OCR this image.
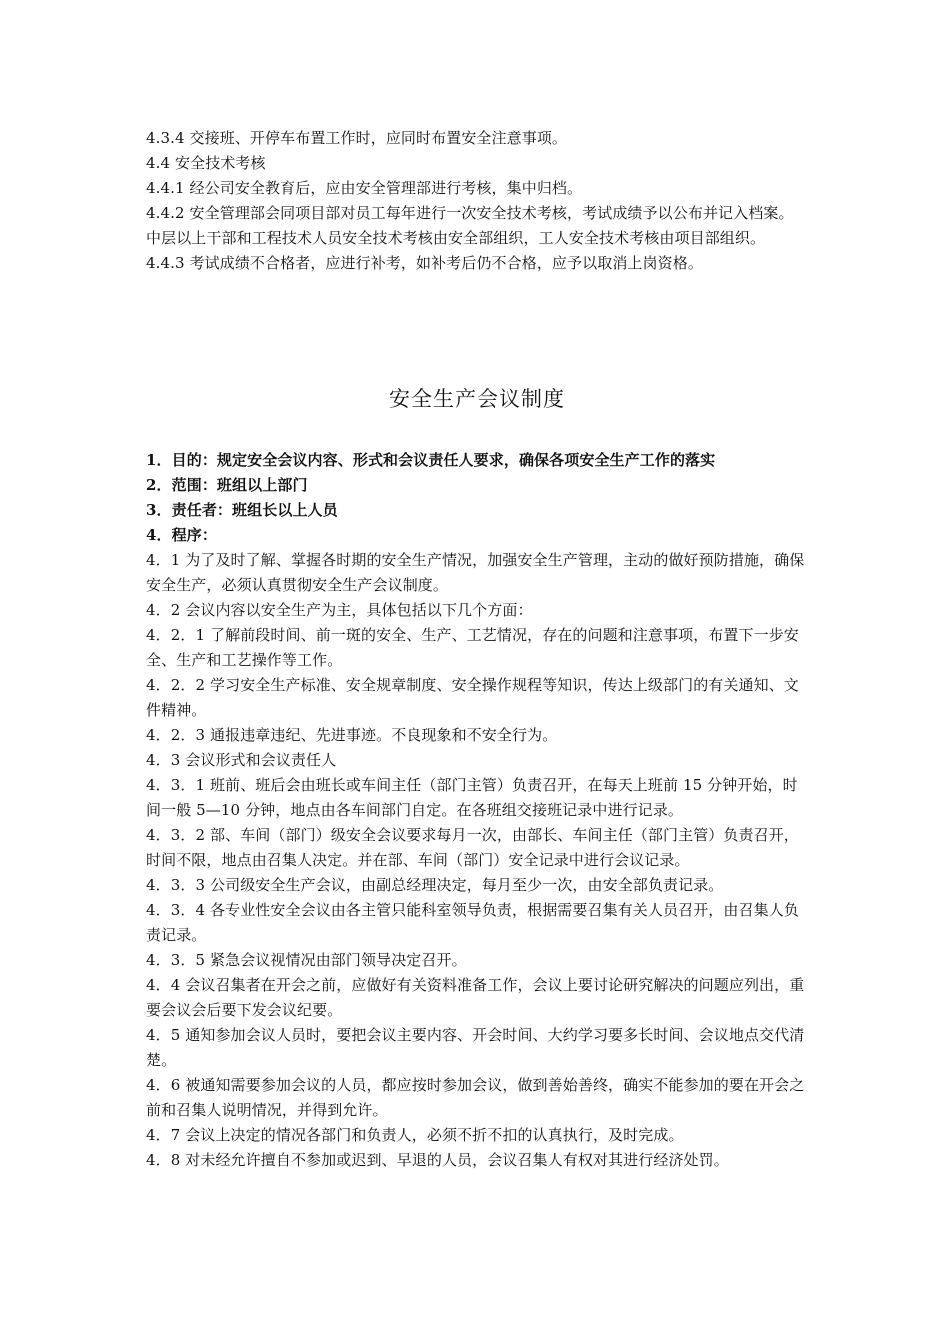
4.3.4 交接班、开停车布置工作时，应同时布置安全注意事项。

4.4 安全技术考核

4.4.1 经公司安全教育后，应由安全管理部进行考核，集中归档。

4.4.2 安全管理部会同项目部对员工每年进行一次安全技术考核，考试成绩予以公布并记入档案。中层以上干部和工程技术人员安全技术考核由安全部组织，工人安全技术考核由项目部组织。

4.4.3 考试成绩不合格者，应进行补考，如补考后仍不合格，应予以取消上岗资格。

安全生产会议制度

1．目的：规定安全会议内容、形式和会议责任人要求，确保各项安全生产工作的落实

2．范围：班组以上部门

3．责任者：班组长以上人员

4．程序：

4．1 为了及时了解、掌握各时期的安全生产情况，加强安全生产管理，主动的做好预防措施，确保安全生产，必须认真贯彻安全生产会议制度。

4．2 会议内容以安全生产为主，具体包括以下几个方面：

4．2．1 了解前段时间、前一斑的安全、生产、工艺情况，存在的问题和注意事项，布置下一步安全、生产和工艺操作等工作。

4．2．2 学习安全生产标准、安全规章制度、安全操作规程等知识，传达上级部门的有关通知、文件精神。

4．2．3 通报违章违纪、先进事迹。不良现象和不安全行为。

4．3 会议形式和会议责任人

4．3．1 班前、班后会由班长或车间主任（部门主管）负责召开，在每天上班前 15 分钟开始，时间一般 5—10 分钟，地点由各车间部门自定。在各班组交接班记录中进行记录。

4．3．2 部、车间（部门）级安全会议要求每月一次，由部长、车间主任（部门主管）负责召开，时间不限，地点由召集人决定。并在部、车间（部门）安全记录中进行会议记录。

4．3．3 公司级安全生产会议，由副总经理决定，每月至少一次，由安全部负责记录。

4．3．4 各专业性安全会议由各主管只能科室领导负责，根据需要召集有关人员召开，由召集人负责记录。

4．3．5 紧急会议视情况由部门领导决定召开。

4．4 会议召集者在开会之前，应做好有关资料准备工作，会议上要讨论研究解决的问题应列出，重要会议会后要下发会议纪要。

4．5 通知参加会议人员时，要把会议主要内容、开会时间、大约学习要多长时间、会议地点交代清楚。

4．6 被通知需要参加会议的人员，都应按时参加会议，做到善始善终，确实不能参加的要在开会之前和召集人说明情况，并得到允许。

4．7 会议上决定的情况各部门和负责人，必须不折不扣的认真执行，及时完成。

4．8 对未经允许擅自不参加或迟到、早退的人员，会议召集人有权对其进行经济处罚。
